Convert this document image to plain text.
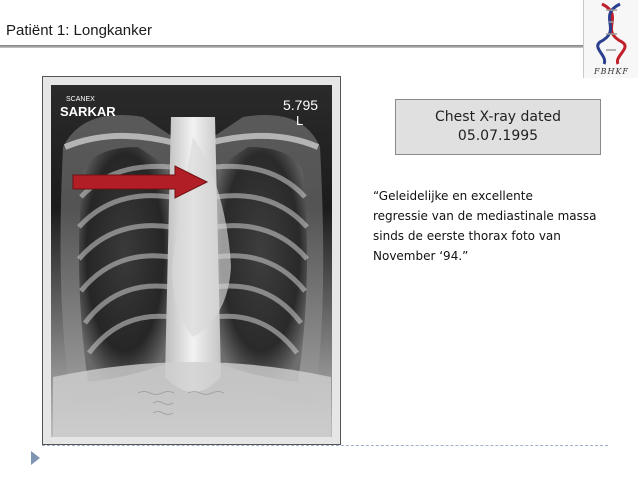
Patiënt 1: Longkanker
FBHKF
SCANEX
SARKAR	5.795
L	Chest X-ray dated
05.07.1995

“Geleidelijke en excellente
regressie van de mediastinale massa
sinds de eerste thorax foto van
November ‘94.”
